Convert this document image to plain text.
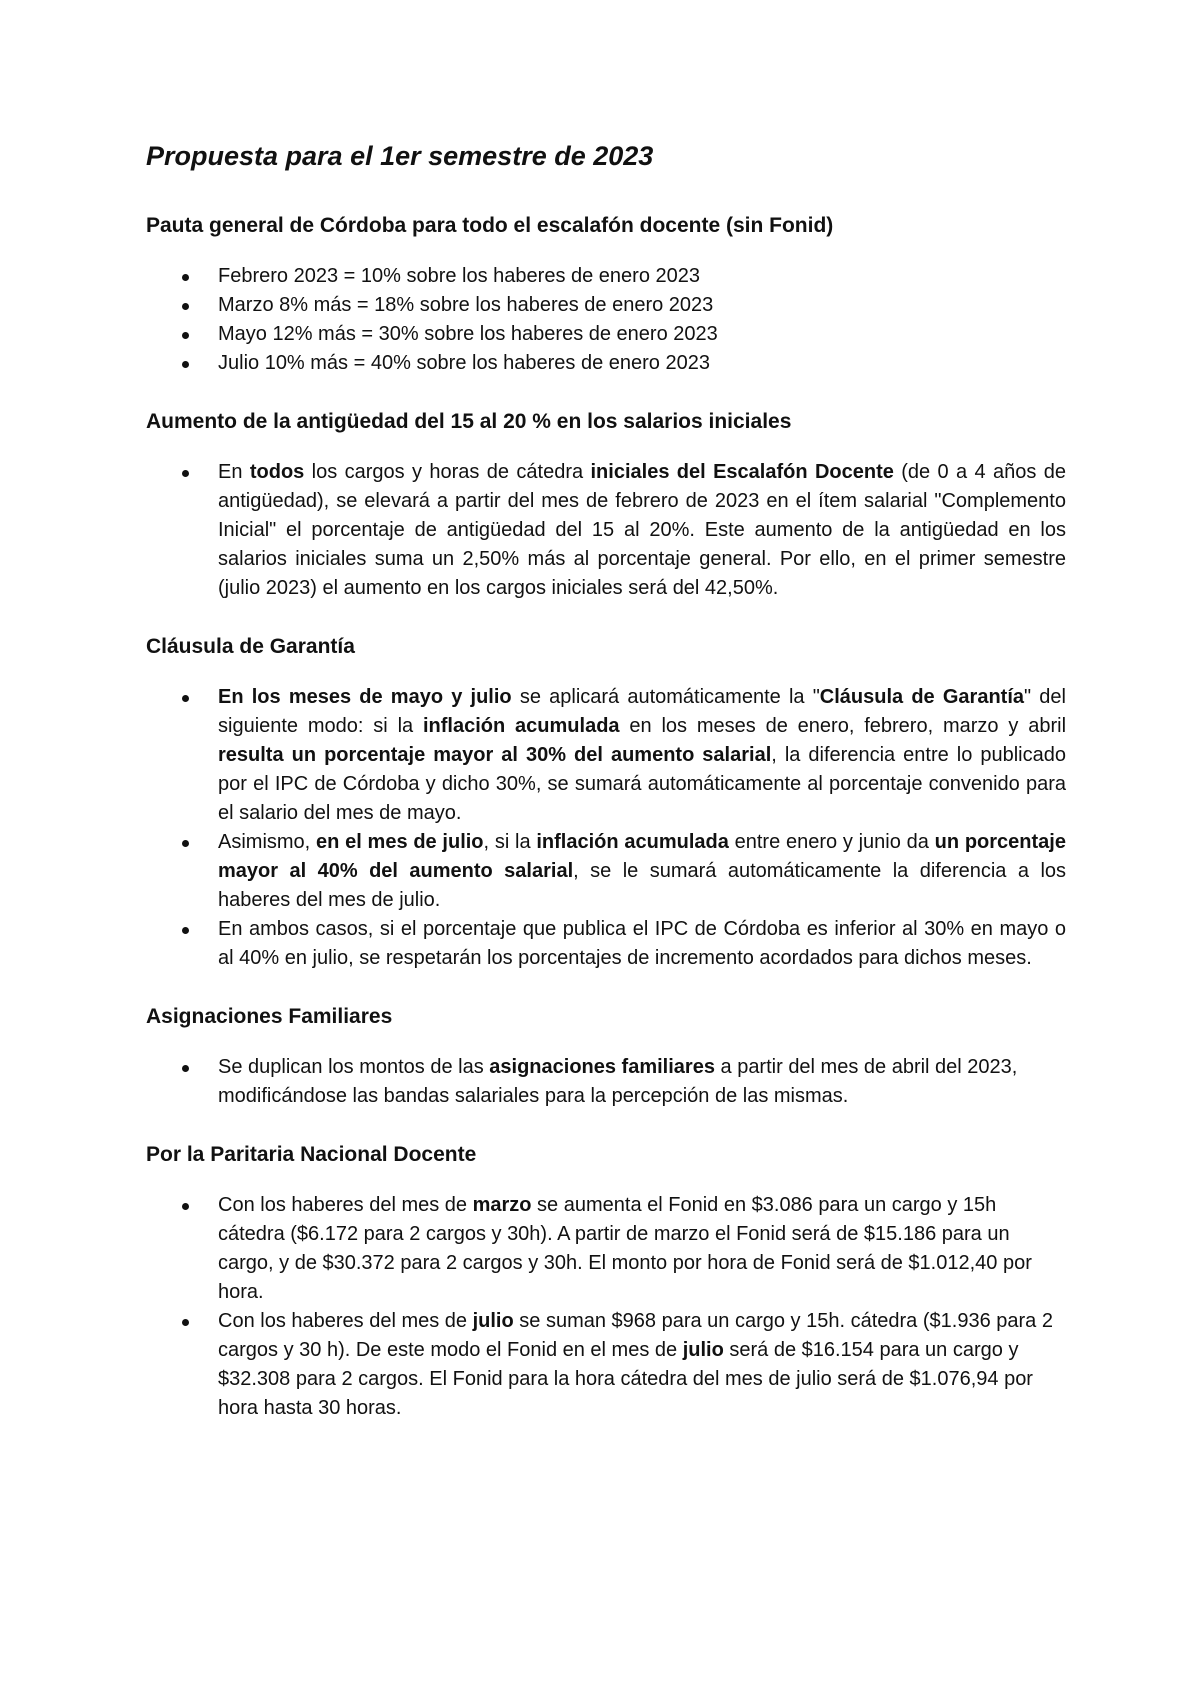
Propuesta para el 1er semestre de 2023
Pauta general de Córdoba para todo el escalafón docente (sin Fonid)
Febrero 2023 = 10% sobre los haberes de enero 2023
Marzo 8% más = 18% sobre los haberes de enero 2023
Mayo 12% más = 30% sobre los haberes de enero 2023
Julio 10% más = 40% sobre los haberes de enero 2023
Aumento de la antigüedad del 15 al 20 % en los salarios iniciales
En todos los cargos y horas de cátedra iniciales del Escalafón Docente (de 0 a 4 años de antigüedad), se elevará a partir del mes de febrero de 2023 en el ítem salarial "Complemento Inicial" el porcentaje de antigüedad del 15 al 20%. Este aumento de la antigüedad en los salarios iniciales suma un 2,50% más al porcentaje general. Por ello, en el primer semestre (julio 2023) el aumento en los cargos iniciales será del 42,50%.
Cláusula de Garantía
En los meses de mayo y julio se aplicará automáticamente la "Cláusula de Garantía" del siguiente modo: si la inflación acumulada en los meses de enero, febrero, marzo y abril resulta un porcentaje mayor al 30% del aumento salarial, la diferencia entre lo publicado por el IPC de Córdoba y dicho 30%, se sumará automáticamente al porcentaje convenido para el salario del mes de mayo.
Asimismo, en el mes de julio, si la inflación acumulada entre enero y junio da un porcentaje mayor al 40% del aumento salarial, se le sumará automáticamente la diferencia a los haberes del mes de julio.
En ambos casos, si el porcentaje que publica el IPC de Córdoba es inferior al 30% en mayo o al 40% en julio, se respetarán los porcentajes de incremento acordados para dichos meses.
Asignaciones Familiares
Se duplican los montos de las asignaciones familiares a partir del mes de abril del 2023, modificándose las bandas salariales para la percepción de las mismas.
Por la Paritaria Nacional Docente
Con los haberes del mes de marzo se aumenta el Fonid en $3.086 para un cargo y 15h cátedra ($6.172 para 2 cargos y 30h). A partir de marzo el Fonid será de $15.186 para un cargo, y de $30.372 para 2 cargos y 30h. El monto por hora de Fonid será de $1.012,40 por hora.
Con los haberes del mes de julio se suman $968 para un cargo y 15h. cátedra ($1.936 para 2 cargos y 30 h). De este modo el Fonid en el mes de julio será de $16.154 para un cargo y $32.308 para 2 cargos. El Fonid para la hora cátedra del mes de julio será de $1.076,94 por hora hasta 30 horas.
